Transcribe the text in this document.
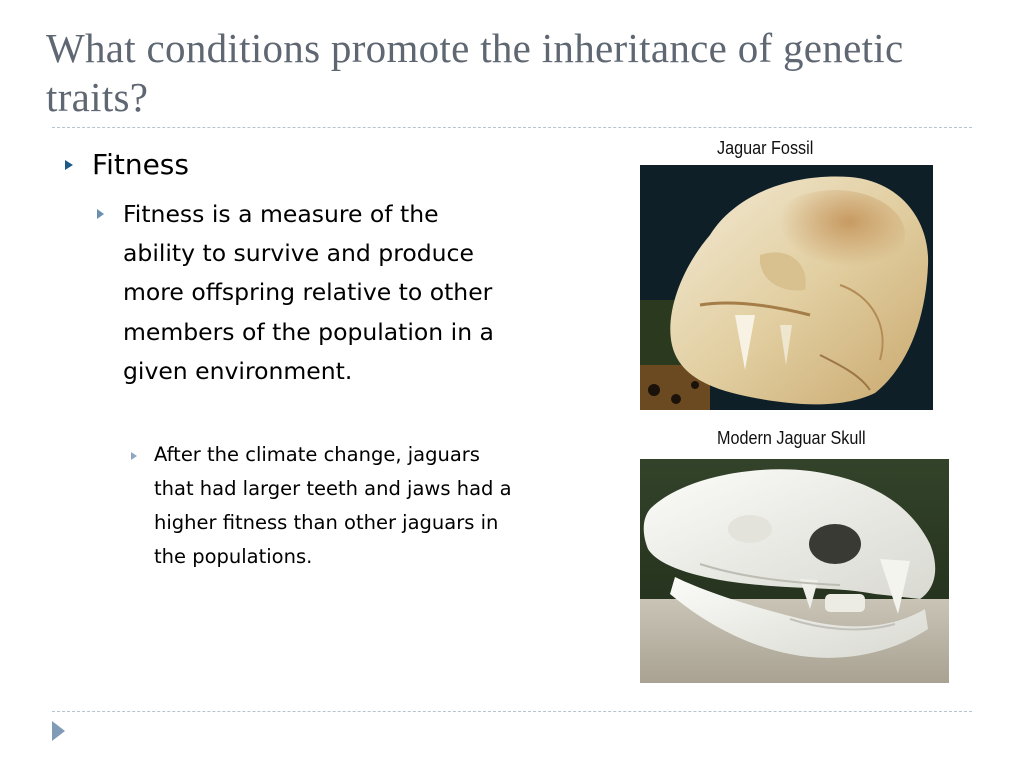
What conditions promote the inheritance of genetic traits?
Fitness
Fitness is a measure of the ability to survive and produce more offspring relative to other members of the population in a given environment.
After the climate change, jaguars that had larger teeth and jaws had a higher fitness than other jaguars in the populations.
Jaguar Fossil
Modern Jaguar Skull
